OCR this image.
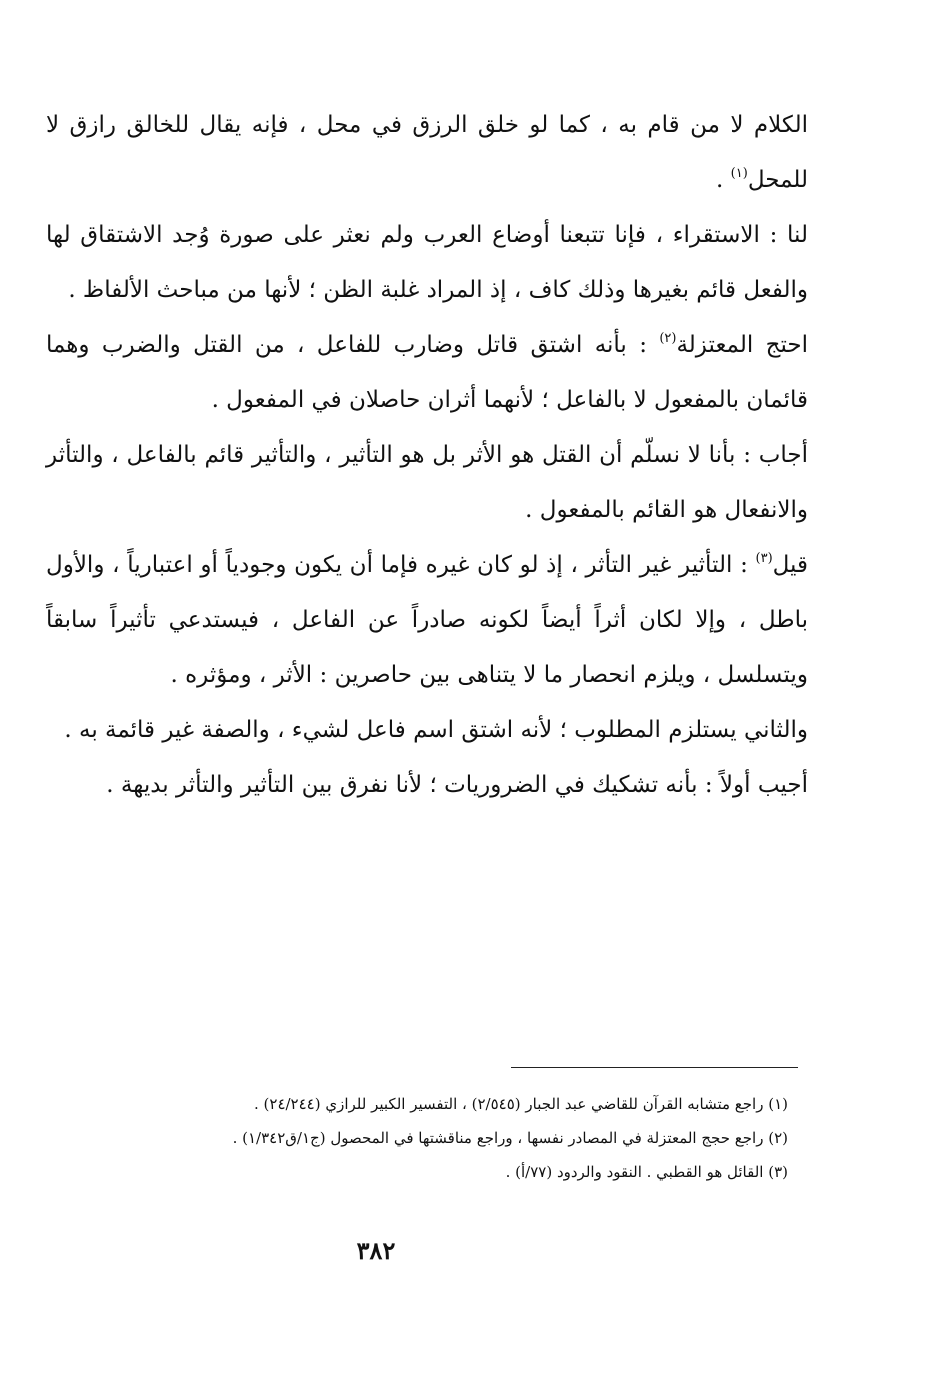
الكلام لا من قام به ، كما لو خلق الرزق في محل ، فإنه يقال للخالق رازق لا للمحل$^{(١)}$ .

لنا : الاستقراء ، فإنا تتبعنا أوضاع العرب ولم نعثر على صورة وُجد الاشتقاق لها والفعل قائم بغيرها وذلك كاف ، إذ المراد غلبة الظن ؛ لأنها من مباحث الألفاظ .

احتج المعتزلة$^{(٢)}$ : بأنه اشتق قاتل وضارب للفاعل ، من القتل والضرب وهما قائمان بالمفعول لا بالفاعل ؛ لأنهما أثران حاصلان في المفعول .

أجاب : بأنا لا نسلّم أن القتل هو الأثر بل هو التأثير ، والتأثير قائم بالفاعل ، والتأثر والانفعال هو القائم بالمفعول .

قيل$^{(٣)}$ : التأثير غير التأثر ، إذ لو كان غيره فإما أن يكون وجودياً أو اعتبارياً ، والأول باطل ، وإلا لكان أثراً أيضاً لكونه صادراً عن الفاعل ، فيستدعي تأثيراً سابقاً ويتسلسل ، ويلزم انحصار ما لا يتناهى بين حاصرين : الأثر ، ومؤثره .

والثاني يستلزم المطلوب ؛ لأنه اشتق اسم فاعل لشيء ، والصفة غير قائمة به .

أجيب أولاً : بأنه تشكيك في الضروريات ؛ لأنا نفرق بين التأثير والتأثر بديهة .

(١) راجع متشابه القرآن للقاضي عبد الجبار (٢/٥٤٥) ، التفسير الكبير للرازي (٢٤/٢٤٤) .

(٢) راجع حجج المعتزلة في المصادر نفسها ، وراجع مناقشتها في المحصول (ج١/ق١/٣٤٢) .

(٣) القائل هو القطبي . النقود والردود (٧٧/أ) .

٣٨٢
